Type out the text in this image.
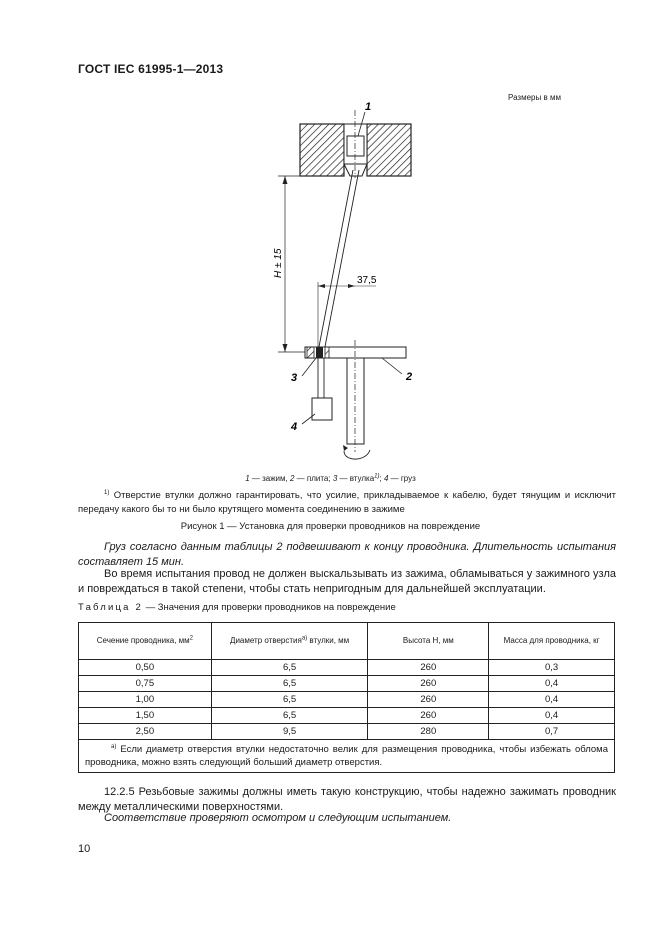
ГОСТ IEC 61995-1—2013
Размеры в мм
1
H ± 15
37,5
2
3
4
1 — зажим, 2 — плита; 3 — втулка$^{1)}$; 4 — груз
$^{1)}$ Отверстие втулки должно гарантировать, что усилие, прикладываемое к кабелю, будет тянущим и исключит передачу какого бы то ни было крутящего момента соединению в зажиме
Рисунок 1 — Установка для проверки проводников на повреждение
Груз согласно данным таблицы 2 подвешивают к концу проводника. Длительность испытания составляет 15 мин.
Во время испытания провод не должен выскальзывать из зажима, обламываться у зажимного узла и повреждаться в такой степени, чтобы стать непригодным для дальнейшей эксплуатации.
Таблица 2 — Значения для проверки проводников на повреждение
Сечение проводника, $мм^2$	Диаметр отверстия$^{а)}$ втулки, мм	Высота Н, мм	Масса для проводника, кг
0,50	6,5	260	0,3
0,75	6,5	260	0,4
1,00	6,5	260	0,4
1,50	6,5	260	0,4
2,50	9,5	280	0,7
$^{а)}$ Если диаметр отверстия втулки недостаточно велик для размещения проводника, чтобы избежать облома проводника, можно взять следующий больший диаметр отверстия.			
12.2.5 Резьбовые зажимы должны иметь такую конструкцию, чтобы надежно зажимать проводник между металлическими поверхностями.
Соответствие проверяют осмотром и следующим испытанием.
10
